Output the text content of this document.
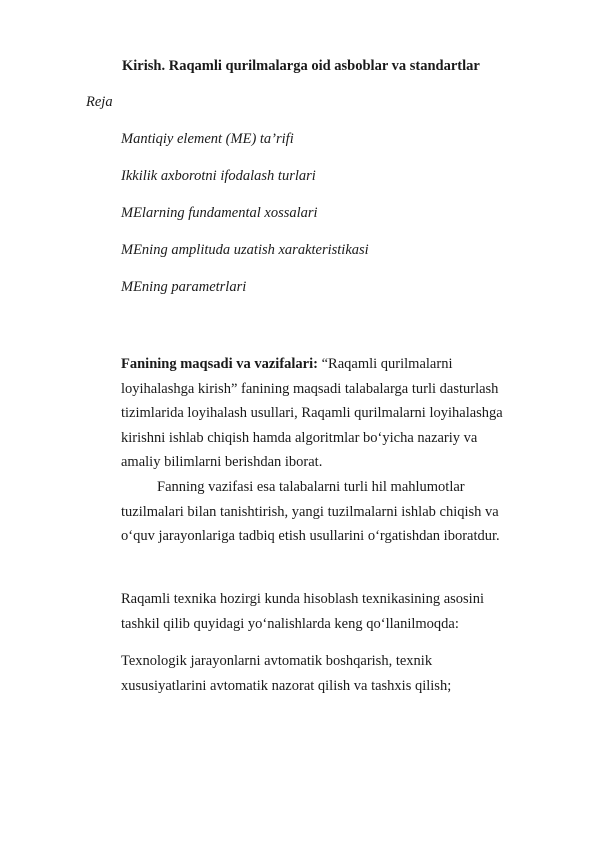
Kirish. Raqamli qurilmalarga oid asboblar va standartlar
Reja
Mantiqiy element (ME) ta’rifi
Ikkilik axborotni ifodalash turlari
MElarning fundamental xossalari
MEning amplituda uzatish xarakteristikasi
MEning parametrlari
Fanining maqsadi va vazifalari: “Raqamli qurilmalarni
loyihalashga kirish” fanining maqsadi talabalarga turli dasturlash
tizimlarida loyihalash usullari, Raqamli qurilmalarni loyihalashga
kirishni ishlab chiqish hamda algoritmlar bo‘yicha nazariy va
amaliy bilimlarni berishdan iborat.
Fanning vazifasi esa talabalarni turli hil mahlumotlar
tuzilmalari bilan tanishtirish, yangi tuzilmalarni ishlab chiqish va
o‘quv jarayonlariga tadbiq etish usullarini o‘rgatishdan iboratdur.
Raqamli texnika hozirgi kunda hisoblash texnikasining asosini
tashkil qilib quyidagi yo‘nalishlarda keng qo‘llanilmoqda:
Texnologik jarayonlarni avtomatik boshqarish, texnik
xususiyatlarini avtomatik nazorat qilish va tashxis qilish;
